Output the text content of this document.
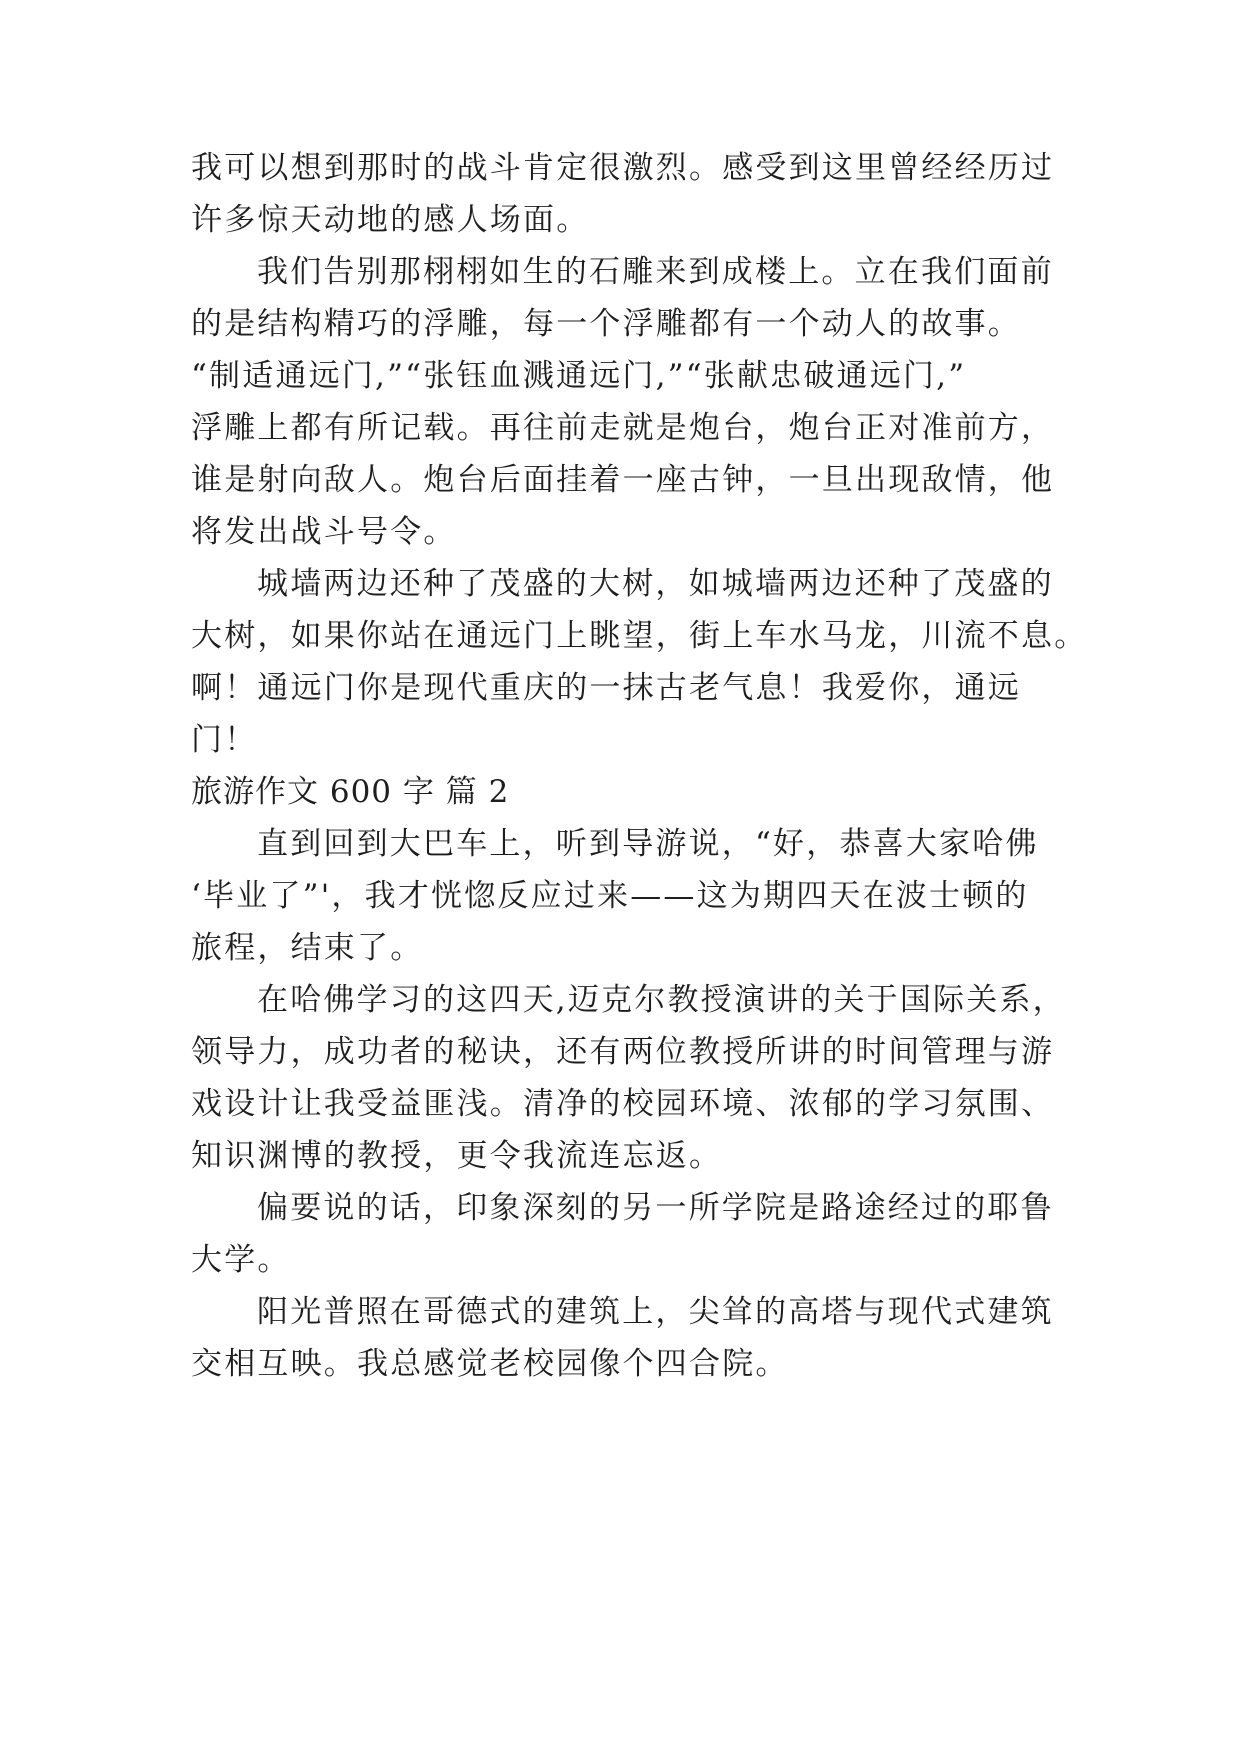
我可以想到那时的战斗肯定很激烈。感受到这里曾经经历过
许多惊天动地的感人场面。
我们告别那栩栩如生的石雕来到成楼上。立在我们面前
的是结构精巧的浮雕，每一个浮雕都有一个动人的故事。
“制适通远门,”“张钰血溅通远门,”“张献忠破通远门,”
浮雕上都有所记载。再往前走就是炮台，炮台正对准前方，
谁是射向敌人。炮台后面挂着一座古钟，一旦出现敌情，他
将发出战斗号令。
城墙两边还种了茂盛的大树，如城墙两边还种了茂盛的
大树，如果你站在通远门上眺望，街上车水马龙，川流不息。
啊！通远门你是现代重庆的一抹古老气息！我爱你，通远
门！
旅游作文 600 字 篇 2
直到回到大巴车上，听到导游说，“好，恭喜大家哈佛
‘毕业了”'，我才恍惚反应过来——这为期四天在波士顿的
旅程，结束了。
在哈佛学习的这四天,迈克尔教授演讲的关于国际关系，
领导力，成功者的秘诀，还有两位教授所讲的时间管理与游
戏设计让我受益匪浅。清净的校园环境、浓郁的学习氛围、
知识渊博的教授，更令我流连忘返。
偏要说的话，印象深刻的另一所学院是路途经过的耶鲁
大学。
阳光普照在哥德式的建筑上，尖耸的高塔与现代式建筑
交相互映。我总感觉老校园像个四合院。
